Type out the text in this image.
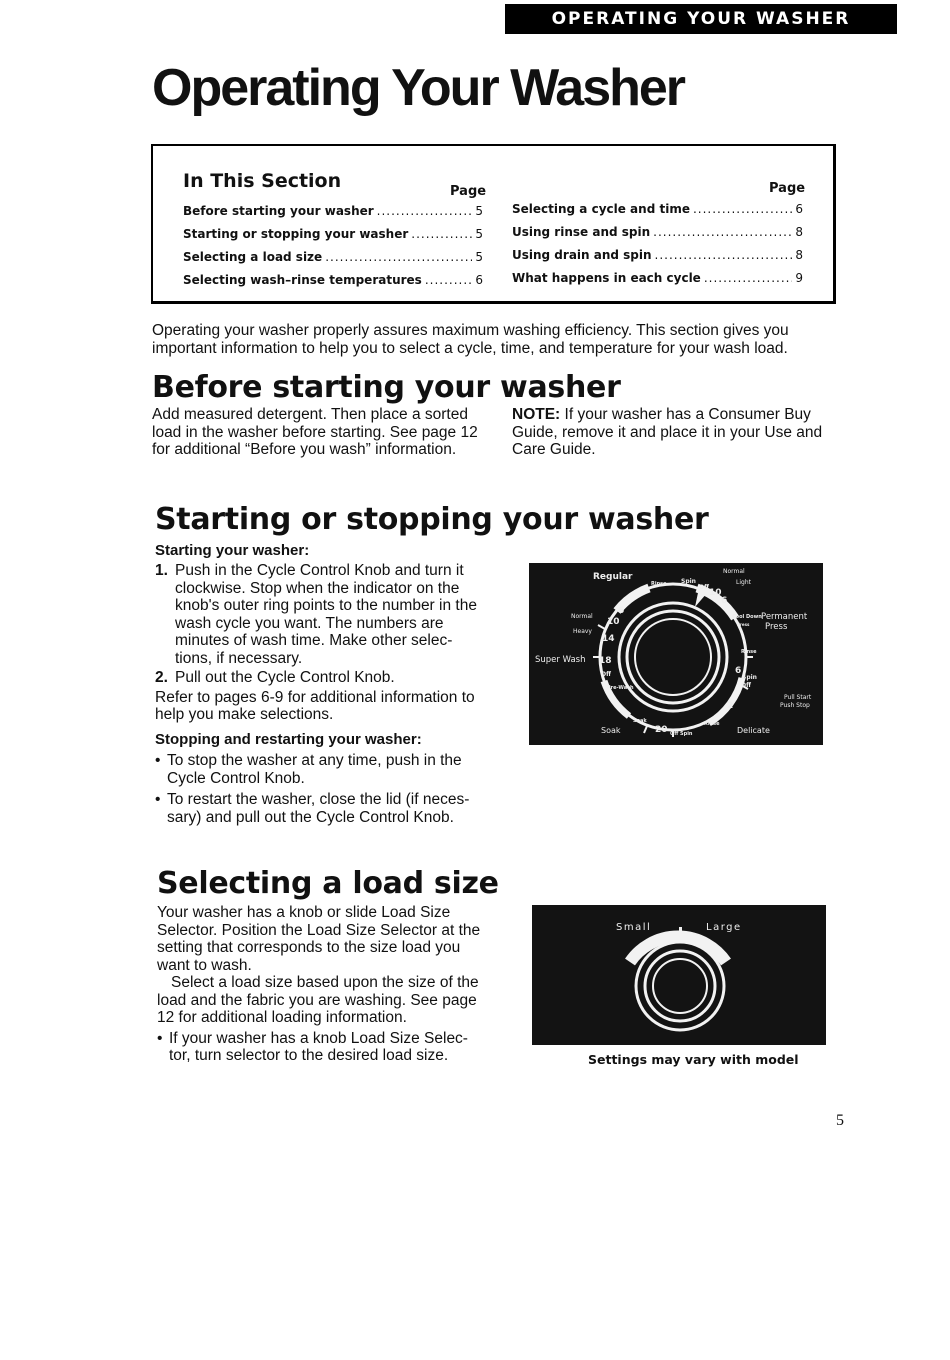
OPERATING YOUR WASHER
Operating Your Washer
In This Section	Page	Page
Before starting your washer .....	5
Starting or stopping your washer .....	5
Selecting a load size .....	5
Selecting wash–rinse temperatures .....	6
Selecting a cycle and time .....	6
Using rinse and spin .....	8
Using drain and spin .....	8
What happens in each cycle .....	9
Operating your washer properly assures maximum washing efficiency. This section gives you
important information to help you to select a cycle, time, and temperature for your wash load.
Before starting your washer
Add measured detergent. Then place a sorted
load in the washer before starting. See page 12
for additional “Before you wash” information.
NOTE: If your washer has a Consumer Buy
Guide, remove it and place it in your Use and
Care Guide.
Starting or stopping your washer
Starting your washer:
1. Push in the Cycle Control Knob and turn it
clockwise. Stop when the indicator on the
knob's outer ring points to the number in the
wash cycle you want. The numbers are
minutes of wash time. Make other selec-
tions, if necessary.
2. Pull out the Cycle Control Knob.
Refer to pages 6-9 for additional information to
help you make selections.
Stopping and restarting your washer:
• To stop the washer at any time, push in the
Cycle Control Knob.
• To restart the washer, close the lid (if neces-
sary) and pull out the Cycle Control Knob.
Regular
Rinse Spin
Off
Normal
Light
10
6
Cool Down
Press
Permanent
Press
Normal
Heavy
6
10
14
Super Wash 18
Off
Pre-Wash
Rinse
Spin
Off
6
2
Pull Start
Push Stop
Soak
Soak
20 Off Spin
Rinse
Delicate
Selecting a load size
Your washer has a knob or slide Load Size
Selector. Position the Load Size Selector at the
setting that corresponds to the size load you
want to wash.
Select a load size based upon the size of the
load and the fabric you are washing. See page
12 for additional loading information.
• If your washer has a knob Load Size Selec-
tor, turn selector to the desired load size.
Small	Large
Settings may vary with model
5
